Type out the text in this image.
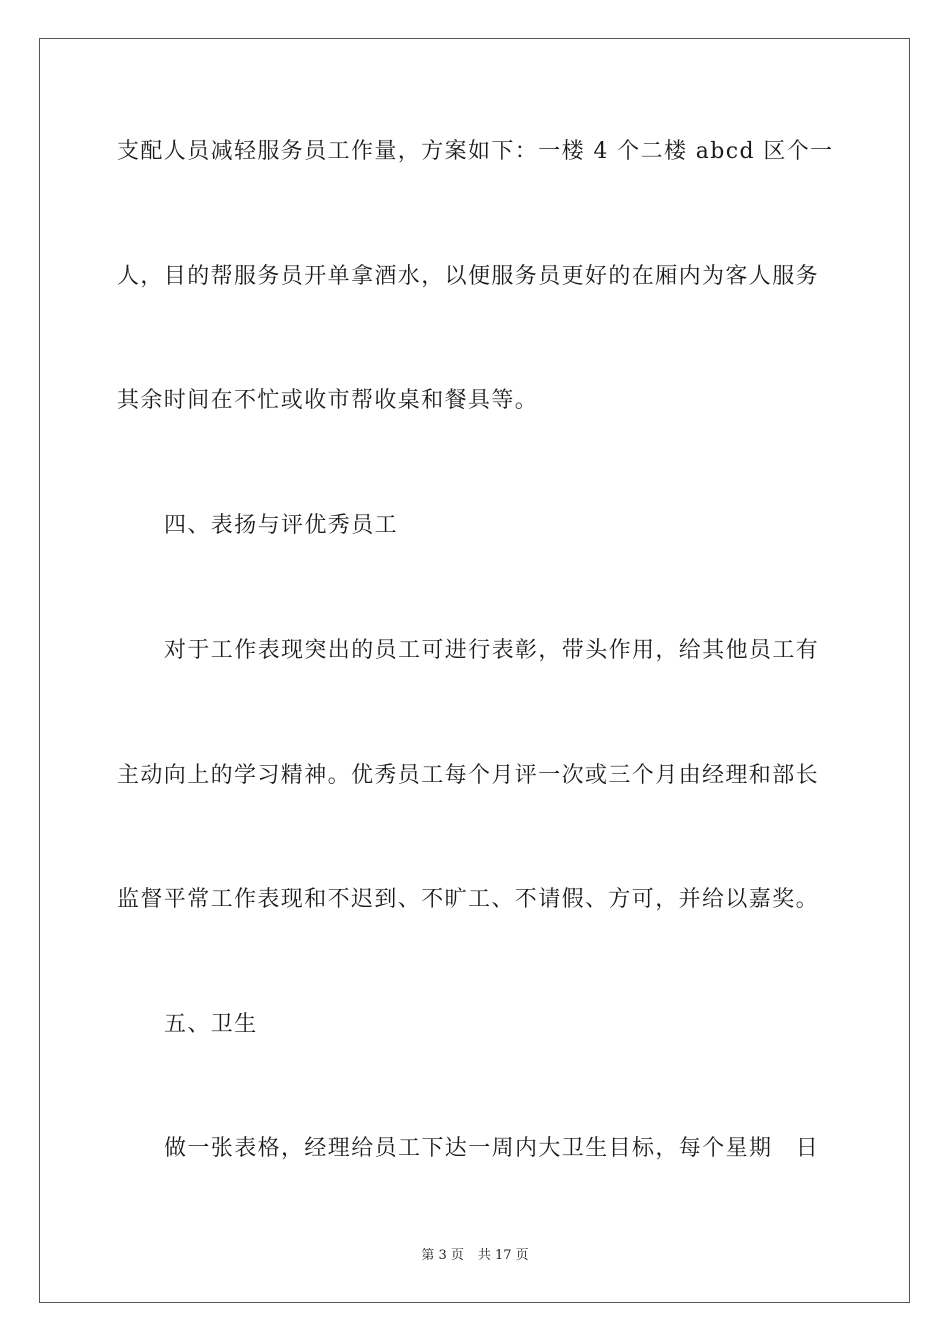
支配人员减轻服务员工作量，方案如下：一楼 4 个二楼 abcd 区个一
人，目的帮服务员开单拿酒水，以便服务员更好的在厢内为客人服务
其余时间在不忙或收市帮收桌和餐具等。
四、表扬与评优秀员工
对于工作表现突出的员工可进行表彰，带头作用，给其他员工有
主动向上的学习精神。优秀员工每个月评一次或三个月由经理和部长
监督平常工作表现和不迟到、不旷工、不请假、方可，并给以嘉奖。
五、卫生
做一张表格，经理给员工下达一周内大卫生目标，每个星期　日
第 3 页 共 17 页
